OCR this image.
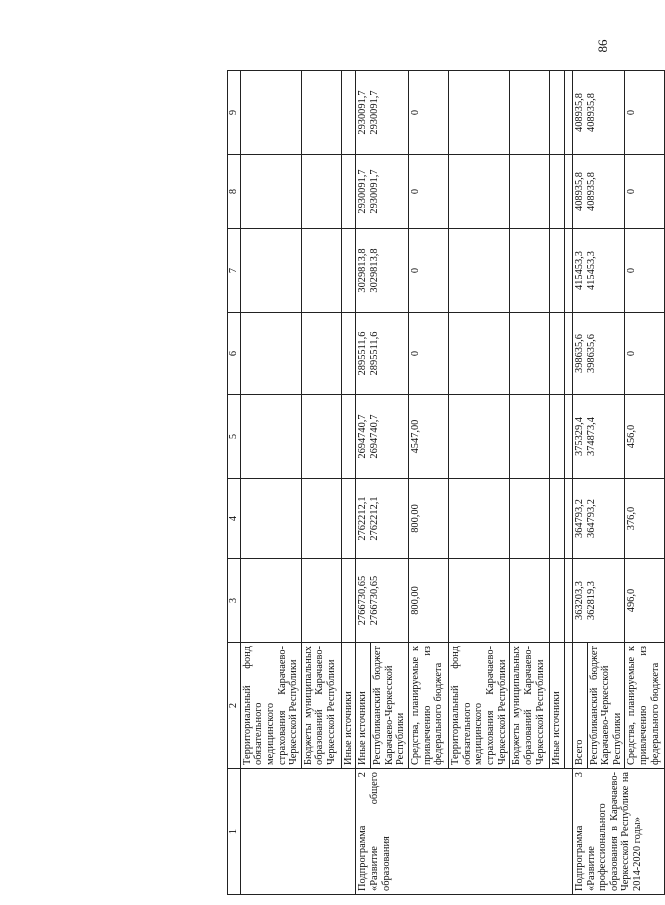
86
1	2	3	4	5	6	7	8	9
	Территориальный фонд обязательного медицинского страхования Карачаево-Черкесской Республики							
	Бюджеты муниципальных образований Карачаево-Черкесской Республики							
	Иные источники							
Подпрограмма 2 «Развитие общего образования	Иные источники	2766730,65 2766730,65	2762212,1 2762212,1	2694740,7 2694740,7	2895511,6 2895511,6	3029813,8 3029813,8	2930091,7 2930091,7	2930091,7 2930091,7

	Республиканский бюджет Карачаево-Черкесской Республики							
	Средства, планируемые к привлечению из федерального бюджета	800,00	800,00	4547,00	0	0	0	0
	Территориальный фонд обязательного медицинского страхования Карачаево-Черкесской Республики							
	Бюджеты муниципальных образований Карачаево-Черкесской Республики							
	Иные источники							

Подпрограмма 3 «Развитие профессионального образования в Карачаево-Черкесской Республике на 2014-2020 годы»	Всего	363203,3 362819,3	364793,2 364793,2	375329,4 374873,4	398635,6 398635,6	415453,3 415453,3	408935,8 408935,8	408935,8 408935,8

	Республиканский бюджет Карачаево-Черкесской Республики							
	Средства, планируемые к привлечению из федерального бюджета	496,0	376,0	456,0	0	0	0	0
